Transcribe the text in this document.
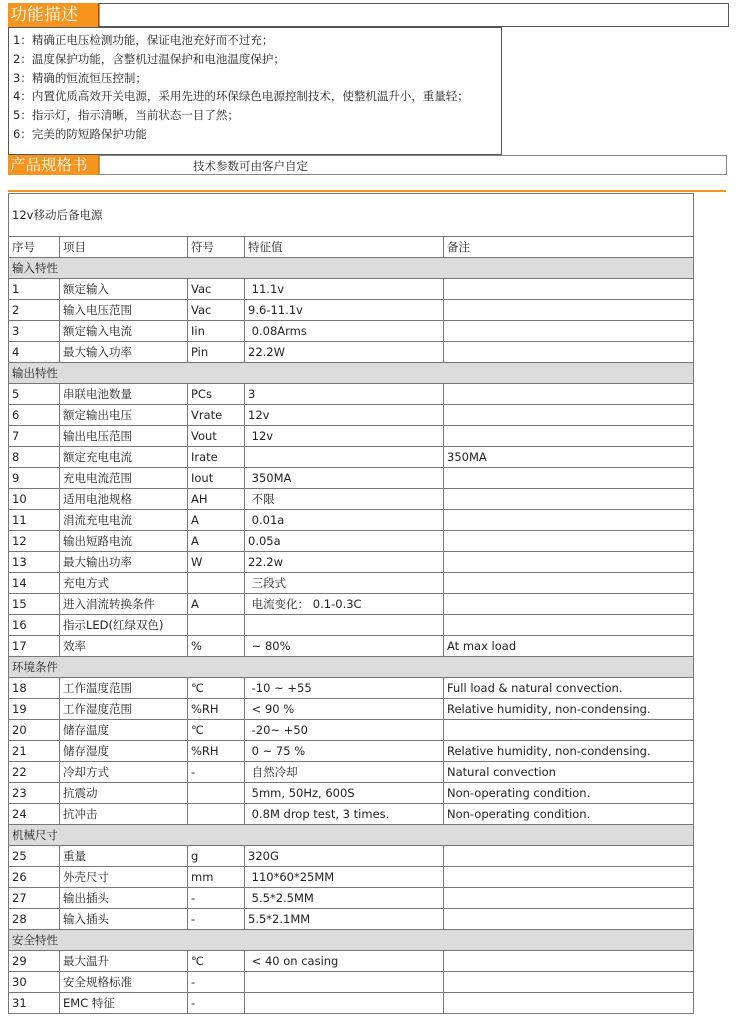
功能描述
1：精确正电压检测功能，保证电池充好而不过充；
2：温度保护功能，含整机过温保护和电池温度保护；
3：精确的恒流恒压控制；
4：内置优质高效开关电源，采用先进的环保绿色电源控制技术，使整机温升小，重量轻；
5：指示灯，指示清晰，当前状态一目了然；
6：完美的防短路保护功能
产品规格书	技术参数可由客户自定
12v移动后备电源				
序号	项目	符号	特征值	备注
输入特性				
1	额定输入	Vac	11.1v	
2	输入电压范围	Vac	9.6-11.1v	
3	额定输入电流	Iin	0.08Arms	
4	最大输入功率	Pin	22.2W	
输出特性				
5	串联电池数量	PCs	3	
6	额定输出电压	Vrate	12v	
7	输出电压范围	Vout	12v	
8	额定充电电流	Irate		350MA
9	充电电流范围	Iout	350MA	
10	适用电池规格	AH	不限	
11	涓流充电电流	A	0.01a	
12	输出短路电流	A	0.05a	
13	最大输出功率	W	22.2w	
14	充电方式		三段式	
15	进入涓流转换条件	A	电流变化： 0.1-0.3C	
16	指示LED(红绿双色)			
17	效率	%	~ 80%	At max load
环境条件				
18	工作温度范围	℃	-10 ~ +55	Full load & natural convection.
19	工作湿度范围	%RH	< 90 %	Relative humidity, non-condensing.
20	储存温度	℃	-20~ +50	
21	储存湿度	%RH	0 ~ 75 %	Relative humidity, non-condensing.
22	冷却方式	-	自然冷却	Natural convection
23	抗震动		5mm, 50Hz, 600S	Non-operating condition.
24	抗冲击		0.8M drop test, 3 times.	Non-operating condition.
机械尺寸				
25	重量	g	320G	
26	外壳尺寸	mm	110*60*25MM	
27	输出插头	-	5.5*2.5MM	
28	输入插头	-	5.5*2.1MM	
安全特性				
29	最大温升	℃	< 40 on casing	
30	安全规格标准	-		
31	EMC 特征	-		
